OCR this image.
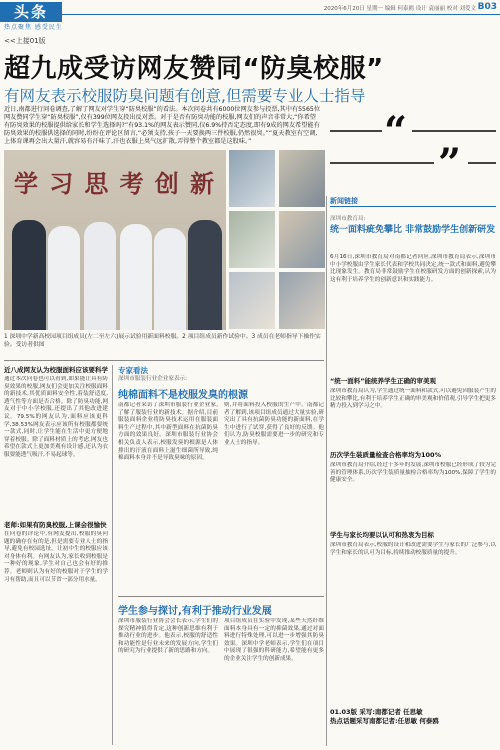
头条	2020年6月20日 星期一 编辑 何泰鸥 设计 袁丽丽 校对 刘爱文 B03
热点聚焦 感受民生
<<上接01版
超九成受访网友赞同“防臭校服”
有网友表示校服防臭问题有创意,但需要专业人士指导
近日,南都进行问卷调查,了解了网友对学生穿“防臭校服”的看法。本次问卷共有6000位网友参与投票,其中有5565位网友赞同学生穿“防臭校服”,仅有399位网友投出反对票。对于是否有防臭功能的校服,网友们的声音非常大,“你希望有防臭效果的校服提供给家长和学生选择吗?”有93.1%的网友表示赞同,仅6.9%持否定态度,即有9成的网友希望能有防臭效果的校服供选择的同时,纷纷在评论区留言,“必须支持,孩子一天要换两三件校服,仍然很臭。”“夏天教室有空调,上体育课再会出大量汗,就容易有汗味了,汗也衣服上臭气远扩散,弄得整个教室都是这股味。”	“
”
学 习 思 考 创 新
1 深圳中学新高校园项目组成员(左二至左六)展示试验用新面料校服。2 项目组成员新作试验中。3 成员在老师指导下操作实验。受访者供图
近八成网友认为校服面料应该要科学
通过本次问卷也可以看到,如果能让具有防臭效果的校服,网友们会更加关注校服面料的新技术,其优质面料安全性,着装舒适度,透气性等方面是否合格。除了防臭功能,网友对于中小学校服,还提出了其他改进建议。79.5%的网友认为,面料应该更科学,38.53%网友表示应该所有校服都要统一款式,同时,让学生能在生活中更方便地穿着校服。除了面料材质上的考虑,网友也希望在款式上更加美观有设计感,还认为衣服要能透气吸汗,不易起球等。
老师:如果有防臭校服,上课会很愉快
在问卷的评论中,有网友提出,校服的臭问题的确存在有的是,但是需要专业人士的指导,避免有校园选址。让初中生的校服应该对身体有利。有网友认为,家长收到校服是一种好的现象,学生对自己也会有好的推荐。老师则认为有好的校服对于学生的学习有帮助,而且可以节省一部分用水量。
专家看法
深圳市服装行业企业家表示:
纯棉面料不是校服发臭的根源
南都记者采访了深圳市服装行业企业家,了解了服装行业的新技术。据介绍,目前服装面料企业将防臭技术运用在服装面料生产过程中,其中新型面料在抗菌防臭方面的效果良好。深圳市服装行业协会相关负责人表示,校服发臭的根源是人体排出的汗液在面料上滋生细菌所导致,纯棉面料本身并不是导致臭味的原因。
则,并将面料投入校服的生产中。南都记者了解到,该项目组成员通过大量实验,研究出了具有抗菌防臭功能的新面料,在学生中进行了试穿,获得了良好的反馈。他们认为,防臭校服需要进一步的研究和专业人士的指导。
学生参与探讨,有利于推动行业发展
深圳市服装行业协会会长表示,学生们的探究精神值得肯定,这种创新思维有利于推动行业的进步。他表示,校服的舒适性和功能性是行业未来的发展方向,学生们的研究为行业提供了新的思路和方向。
项目组成员在实验中发现,某些天然纤维面料本身具有一定的抑菌效果,通过对面料进行特殊处理,可以进一步增强其防臭效果。深圳中学老师表示,学生们在项目中展现了很强的科研能力,希望能有更多的企业关注学生的创新成果。
新闻链接
深圳市教育局:
统一面料疵免攀比 非常鼓励学生创新研发
6月16日,深圳市教育局对南都记者回应,深圳市教育局表示,深圳市中小学校服由学生家长代表和学校共同决定,统一款式和面料,避免攀比现象发生。教育局非常鼓励学生在校服研发方面的创新探索,认为这有利于培养学生的创新意识和实践能力。
“统一面料”能统养学生正确的审美观
深圳市教育局认为,学生通过统一面料和款式,可以避免因服装产生的比较和攀比,有利于培养学生正确的审美观和价值观,引导学生把更多精力投入到学习之中。
历次学生装质量检查合格率均为100%
深圳市教育局介绍,经过十多年的发展,深圳市校服已经形成了较为完善的管理体系,历次学生装质量抽检合格率均为100%,保障了学生的健康安全。
学生与家长均要以认可和热衷为目标
深圳市教育局表示,校服的设计和改进需要学生与家长的广泛参与,以学生和家长的认可为目标,持续推动校服质量的提升。
01.03版 采写:南都记者 任思敏
热点话题采写南都记者:任思敏 何泰鸥
